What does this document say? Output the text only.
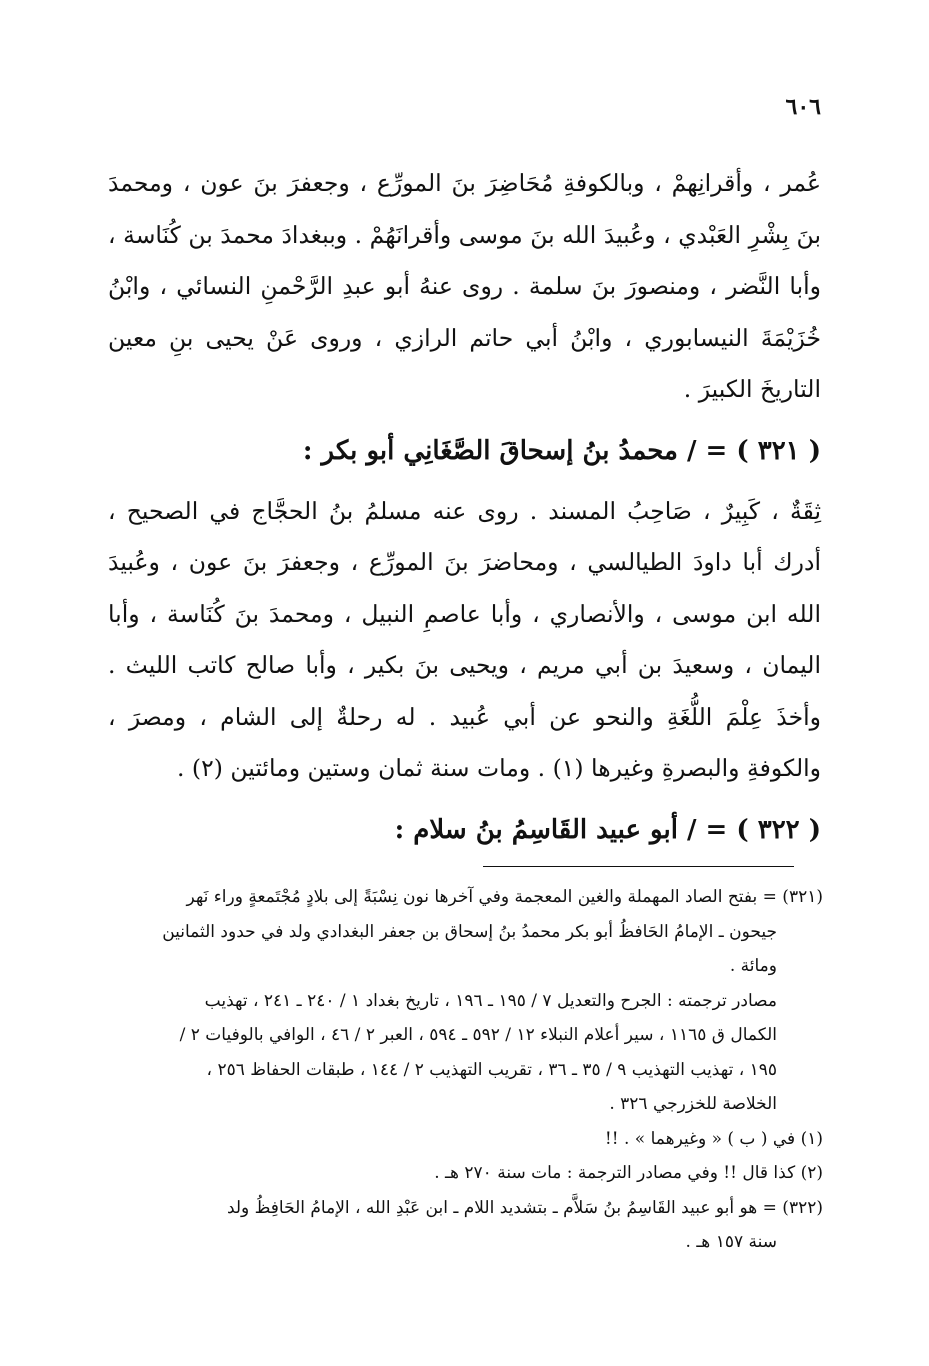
٦٠٦

عُمر ، وأقرانِهمْ ، وبالكوفةِ مُحَاضِرَ بنَ المورِّع ، وجعفرَ بنَ عون ، ومحمدَ بنَ بِشْرِ العَبْدي ، وعُبيدَ الله بنَ موسى وأقرانَهُمْ . وببغدادَ محمدَ بن كُنَاسة ، وأبا النَّضر ، ومنصورَ بنَ سلمة . روى عنهُ أبو عبدِ الرَّحْمنِ النسائي ، وابْنُ خُزَيْمَةَ النيسابوري ، وابْنُ أبي حاتم الرازي ، وروى عَنْ يحيى بنِ معين التاريخَ الكبيرَ .

( ٣٢١ ) = / محمدُ بنُ إسحاقَ الصَّغَانِي أبو بكر :

ثِقَةٌ ، كَبِيرٌ ، صَاحِبُ المسند . روى عنه مسلمُ بنُ الحجَّاج في الصحيح ، أدرك أبا داودَ الطيالسي ، ومحاضرَ بنَ المورِّع ، وجعفرَ بنَ عون ، وعُبيدَ الله ابن موسى ، والأنصاري ، وأبا عاصمِ النبيل ، ومحمدَ بنَ كُنَاسة ، وأبا اليمان ، وسعيدَ بن أبي مريم ، ويحيى بنَ بكير ، وأبا صالح كاتب الليث . وأخذَ عِلْمَ اللُّغَةِ والنحو عن أبي عُبيد . له رحلةٌ إلى الشام ، ومصرَ ، والكوفةِ والبصرةِ وغيرها (١) . ومات سنة ثمان وستين ومائتين (٢) .

( ٣٢٢ ) = / أبو عبيد القَاسِمُ بنُ سلام :

(٣٢١) = بفتح الصاد المهملة والغين المعجمة وفي آخرها نون نِسْبَةً إلى بلادٍ مُجْتَمعةٍ وراء نَهر

جيحون ـ الإمامُ الحَافظُ أبو بكر محمدُ بنُ إسحاق بن جعفر البغدادي ولد في حدود الثمانين

ومائة .

مصادر ترجمته : الجرح والتعديل ٧ / ١٩٥ ـ ١٩٦ ، تاريخ بغداد ١ / ٢٤٠ ـ ٢٤١ ، تهذيب

الكمال ق ١١٦٥ ، سير أعلام النبلاء ١٢ / ٥٩٢ ـ ٥٩٤ ، العبر ٢ / ٤٦ ، الوافي بالوفيات ٢ /

١٩٥ ، تهذيب التهذيب ٩ / ٣٥ ـ ٣٦ ، تقريب التهذيب ٢ / ١٤٤ ، طبقات الحفاظ ٢٥٦ ،

الخلاصة للخزرجي ٣٢٦ .

(١) في ( ب ) « وغيرهما » . !!

(٢) كذا قال !! وفي مصادر الترجمة : مات سنة ٢٧٠ هـ .

(٣٢٢) = هو أبو عبيد القَاسِمُ بنُ سَلاَّم ـ بتشديد اللام ـ ابن عَبْدِ الله ، الإمامُ الحَافِظُ ولد

سنة ١٥٧ هـ .
